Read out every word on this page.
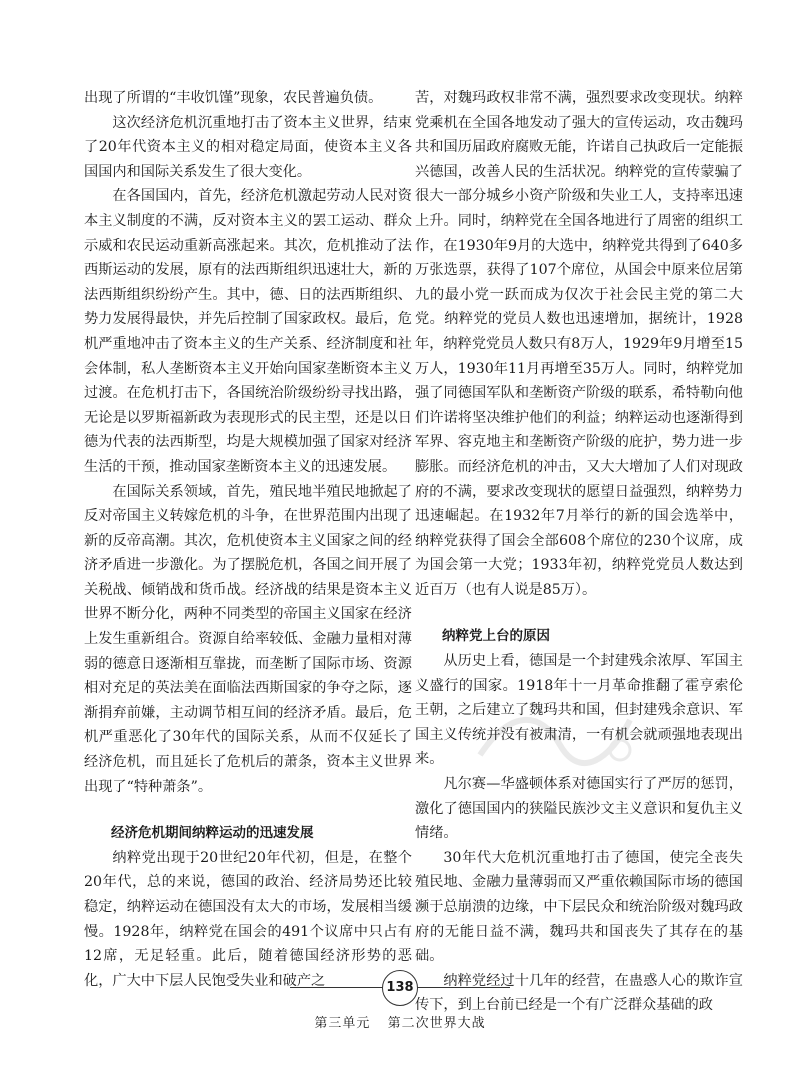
出现了所谓的“丰收饥馑”现象，农民普遍负债。

这次经济危机沉重地打击了资本主义世界，结束了20年代资本主义的相对稳定局面，使资本主义各国国内和国际关系发生了很大变化。

在各国国内，首先，经济危机激起劳动人民对资本主义制度的不满，反对资本主义的罢工运动、群众示威和农民运动重新高涨起来。其次，危机推动了法西斯运动的发展，原有的法西斯组织迅速壮大，新的法西斯组织纷纷产生。其中，德、日的法西斯组织、势力发展得最快，并先后控制了国家政权。最后，危机严重地冲击了资本主义的生产关系、经济制度和社会体制，私人垄断资本主义开始向国家垄断资本主义过渡。在危机打击下，各国统治阶级纷纷寻找出路，无论是以罗斯福新政为表现形式的民主型，还是以日德为代表的法西斯型，均是大规模加强了国家对经济生活的干预，推动国家垄断资本主义的迅速发展。

在国际关系领域，首先，殖民地半殖民地掀起了反对帝国主义转嫁危机的斗争，在世界范围内出现了新的反帝高潮。其次，危机使资本主义国家之间的经济矛盾进一步激化。为了摆脱危机，各国之间开展了关税战、倾销战和货币战。经济战的结果是资本主义世界不断分化，两种不同类型的帝国主义国家在经济上发生重新组合。资源自给率较低、金融力量相对薄弱的德意日逐渐相互靠拢，而垄断了国际市场、资源相对充足的英法美在面临法西斯国家的争夺之际，逐渐捐弃前嫌，主动调节相互间的经济矛盾。最后，危机严重恶化了30年代的国际关系，从而不仅延长了经济危机，而且延长了危机后的萧条，资本主义世界出现了“特种萧条”。

经济危机期间纳粹运动的迅速发展

纳粹党出现于20世纪20年代初，但是，在整个20年代，总的来说，德国的政治、经济局势还比较稳定，纳粹运动在德国没有太大的市场，发展相当缓慢。1928年，纳粹党在国会的491个议席中只占有12席，无足轻重。此后，随着德国经济形势的恶化，广大中下层人民饱受失业和破产之

苦，对魏玛政权非常不满，强烈要求改变现状。纳粹党乘机在全国各地发动了强大的宣传运动，攻击魏玛共和国历届政府腐败无能，许诺自己执政后一定能振兴德国，改善人民的生活状况。纳粹党的宣传蒙骗了很大一部分城乡小资产阶级和失业工人，支持率迅速上升。同时，纳粹党在全国各地进行了周密的组织工作，在1930年9月的大选中，纳粹党共得到了640多万张选票，获得了107个席位，从国会中原来位居第九的最小党一跃而成为仅次于社会民主党的第二大党。纳粹党的党员人数也迅速增加，据统计，1928年，纳粹党党员人数只有8万人，1929年9月增至15万人，1930年11月再增至35万人。同时，纳粹党加强了同德国军队和垄断资产阶级的联系，希特勒向他们许诺将坚决维护他们的利益；纳粹运动也逐渐得到军界、容克地主和垄断资产阶级的庇护，势力进一步膨胀。而经济危机的冲击，又大大增加了人们对现政府的不满，要求改变现状的愿望日益强烈，纳粹势力迅速崛起。在1932年7月举行的新的国会选举中，纳粹党获得了国会全部608个席位的230个议席，成为国会第一大党；1933年初，纳粹党党员人数达到近百万（也有人说是85万）。

纳粹党上台的原因

从历史上看，德国是一个封建残余浓厚、军国主义盛行的国家。1918年十一月革命推翻了霍亨索伦王朝，之后建立了魏玛共和国，但封建残余意识、军国主义传统并没有被肃清，一有机会就顽强地表现出来。

凡尔赛—华盛顿体系对德国实行了严厉的惩罚，激化了德国国内的狭隘民族沙文主义意识和复仇主义情绪。

30年代大危机沉重地打击了德国，使完全丧失殖民地、金融力量薄弱而又严重依赖国际市场的德国濒于总崩溃的边缘，中下层民众和统治阶级对魏玛政府的无能日益不满，魏玛共和国丧失了其存在的基础。

纳粹党经过十几年的经营，在蛊惑人心的欺诈宣传下，到上台前已经是一个有广泛群众基础的政

138
第三单元 第二次世界大战
